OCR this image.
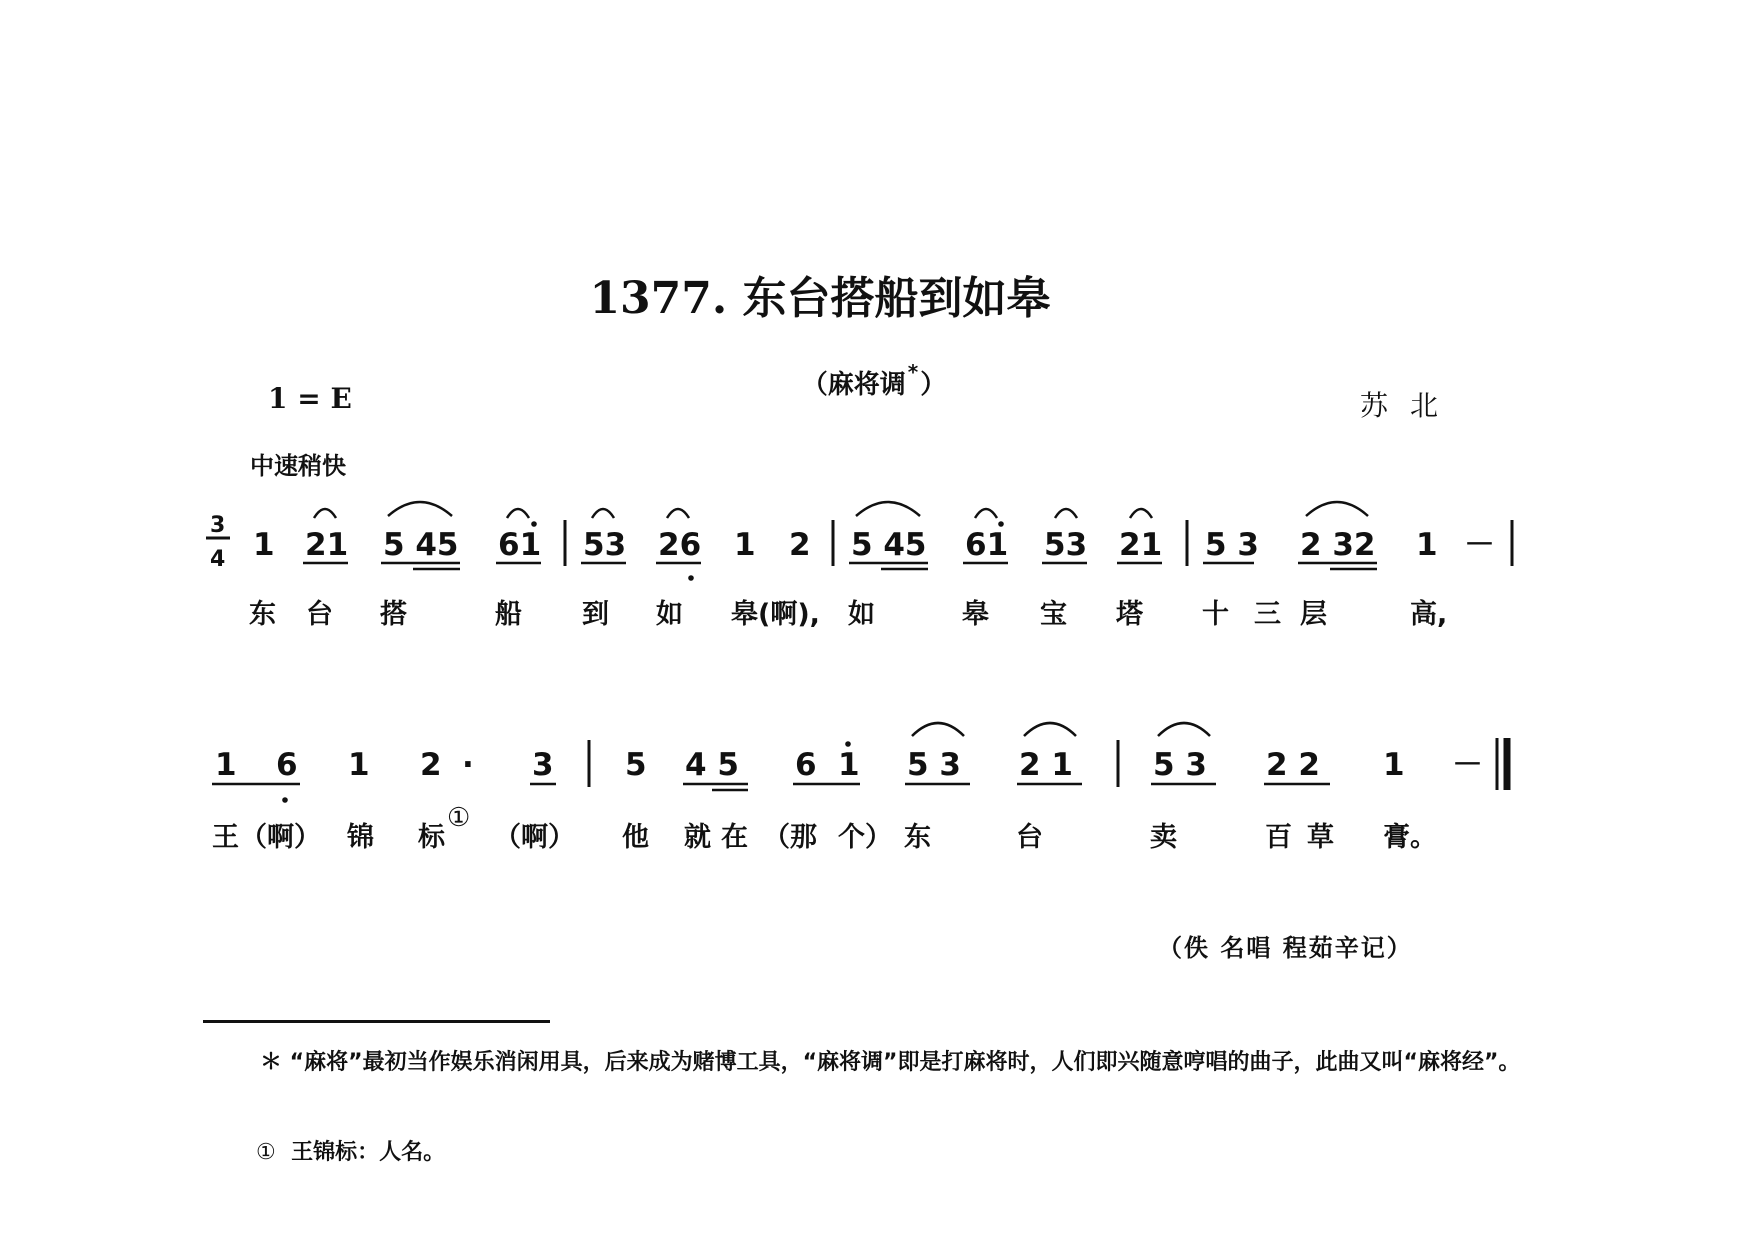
1377. 东台搭船到如皋
（麻将调 *）
1 = E	苏北
中速稍快
3
4 1 21 5 45 61 53 26 1 2 5 45 61 53 21 5 3 2 32 1 －
东 台 搭	船 到 如 皋(啊), 如	皋 宝 塔 十 三 层	高,
1 6 1 2 · 3 5 4 5 6 1 5 3 2 1	5 3 2 2 1 －
王 （啊） 锦 标
①
（啊） 他 就 在 （那 个） 东	台	卖	百 草 膏。
（佚 名唱 程茹辛记）
＊ “麻将”最初当作娱乐消闲用具，后来成为赌博工具，“麻将调”即是打麻将时，人们即兴随意哼唱的曲子，此曲又叫“麻将经”。
① 王锦标：人名。
